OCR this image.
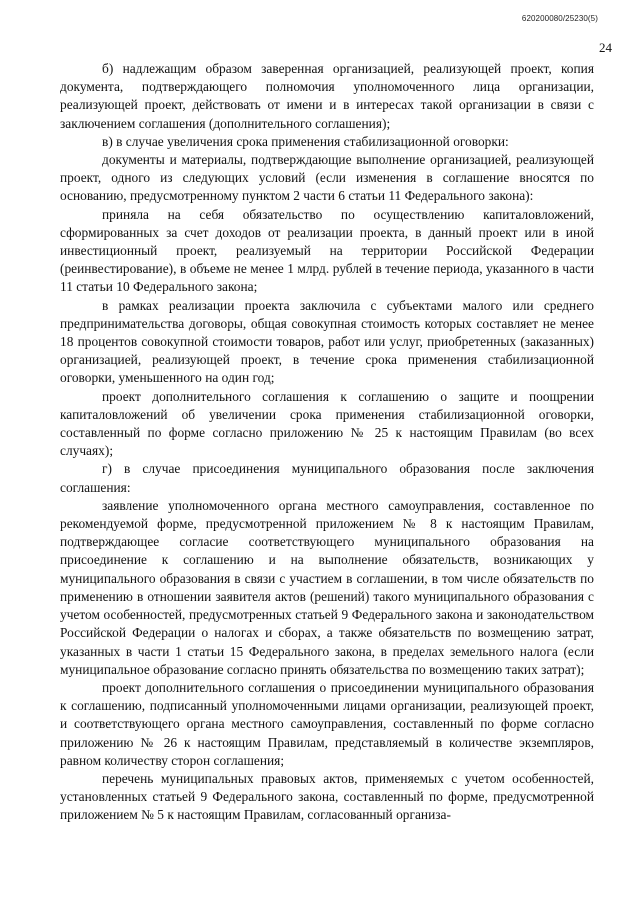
620200080/25230(5)
24

б) надлежащим образом заверенная организацией, реализующей проект, копия документа, подтверждающего полномочия уполномоченного лица организации, реализующей проект, действовать от имени и в интересах такой организации в связи с заключением соглашения (дополнительного соглашения);

в) в случае увеличения срока применения стабилизационной оговорки:

документы и материалы, подтверждающие выполнение организацией, реализующей проект, одного из следующих условий (если изменения в соглашение вносятся по основанию, предусмотренному пунктом 2 части 6 статьи 11 Федерального закона):

приняла на себя обязательство по осуществлению капиталовложений, сформированных за счет доходов от реализации проекта, в данный проект или в иной инвестиционный проект, реализуемый на территории Российской Федерации (реинвестирование), в объеме не менее 1 млрд. рублей в течение периода, указанного в части 11 статьи 10 Федерального закона;

в рамках реализации проекта заключила с субъектами малого или среднего предпринимательства договоры, общая совокупная стоимость которых составляет не менее 18 процентов совокупной стоимости товаров, работ или услуг, приобретенных (заказанных) организацией, реализующей проект, в течение срока применения стабилизационной оговорки, уменьшенного на один год;

проект дополнительного соглашения к соглашению о защите и поощрении капиталовложений об увеличении срока применения стабилизационной оговорки, составленный по форме согласно приложению № 25 к настоящим Правилам (во всех случаях);

г) в случае присоединения муниципального образования после заключения соглашения:

заявление уполномоченного органа местного самоуправления, составленное по рекомендуемой форме, предусмотренной приложением № 8 к настоящим Правилам, подтверждающее согласие соответствующего муниципального образования на присоединение к соглашению и на выполнение обязательств, возникающих у муниципального образования в связи с участием в соглашении, в том числе обязательств по применению в отношении заявителя актов (решений) такого муниципального образования с учетом особенностей, предусмотренных статьей 9 Федерального закона и законодательством Российской Федерации о налогах и сборах, а также обязательств по возмещению затрат, указанных в части 1 статьи 15 Федерального закона, в пределах земельного налога (если муниципальное образование согласно принять обязательства по возмещению таких затрат);

проект дополнительного соглашения о присоединении муниципального образования к соглашению, подписанный уполномоченными лицами организации, реализующей проект, и соответствующего органа местного самоуправления, составленный по форме согласно приложению № 26 к настоящим Правилам, представляемый в количестве экземпляров, равном количеству сторон соглашения;

перечень муниципальных правовых актов, применяемых с учетом особенностей, установленных статьей 9 Федерального закона, составленный по форме, предусмотренной приложением № 5 к настоящим Правилам, согласованный организа-
